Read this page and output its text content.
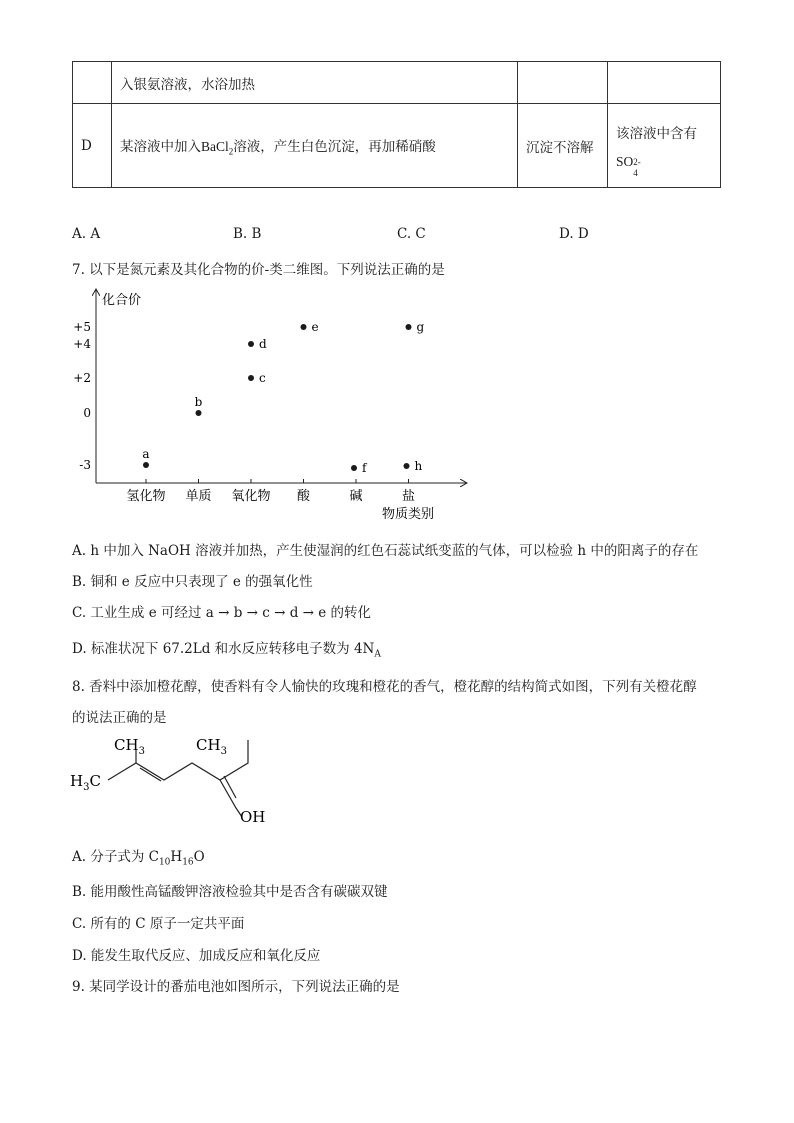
	入银氨溶液，水浴加热		
D	某溶液中加入BaCl$_2$溶液，产生白色沉淀，再加稀硝酸	沉淀不溶解	该溶液中含有
SO 2-
4
A. A	B. B	C. C	D. D
7. 以下是氮元素及其化合物的价-类二维图。下列说法正确的是
化合价
物质类别
+5
+4
+2
0
-3
氢化物 单质 氧化物 酸	碱	盐
a
b
c
d
e
f
g
h
A. h 中加入 NaOH 溶液并加热，产生使湿润的红色石蕊试纸变蓝的气体，可以检验 h 中的阳离子的存在
B. 铜和 e 反应中只表现了 e 的强氧化性
C. 工业生成 e 可经过 a → b → c → d → e 的转化
D. 标准状况下 67.2Ld 和水反应转移电子数为 $4N_A$
8. 香料中添加橙花醇，使香料有令人愉快的玫瑰和橙花的香气，橙花醇的结构简式如图，下列有关橙花醇
的说法正确的是
$CH_3$	$CH_3$
$H_3C$
OH
A. 分子式为 $C_{10}H_{16}O$
B. 能用酸性高锰酸钾溶液检验其中是否含有碳碳双键
C. 所有的 C 原子一定共平面
D. 能发生取代反应、加成反应和氧化反应
9. 某同学设计的番茄电池如图所示，下列说法正确的是
